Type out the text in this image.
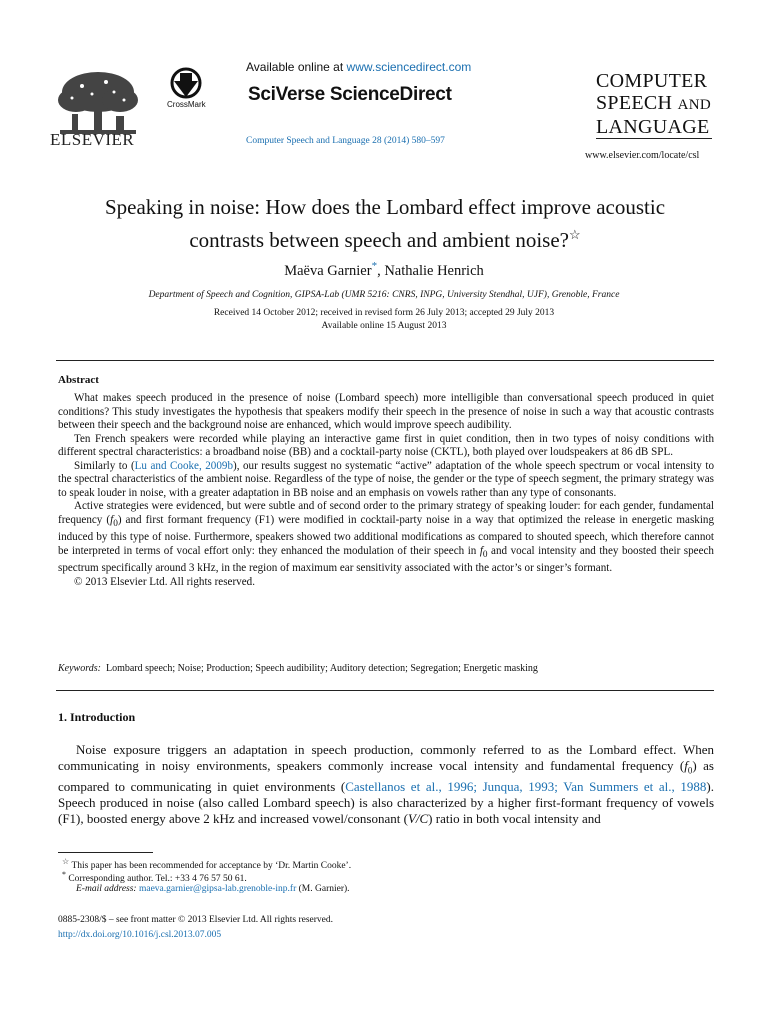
ELSEVIER
CrossMark
Available online at www.sciencedirect.com
SciVerse ScienceDirect
Computer Speech and Language 28 (2014) 580–597
COMPUTER
SPEECH AND
LANGUAGE
www.elsevier.com/locate/csl
Speaking in noise: How does the Lombard effect improve acoustic
contrasts between speech and ambient noise?☆
Maëva Garnier*, Nathalie Henrich
Department of Speech and Cognition, GIPSA-Lab (UMR 5216: CNRS, INPG, University Stendhal, UJF), Grenoble, France
Received 14 October 2012; received in revised form 26 July 2013; accepted 29 July 2013
Available online 15 August 2013
Abstract

What makes speech produced in the presence of noise (Lombard speech) more intelligible than conversational speech produced in quiet conditions? This study investigates the hypothesis that speakers modify their speech in the presence of noise in such a way that acoustic contrasts between their speech and the background noise are enhanced, which would improve speech audibility.

Ten French speakers were recorded while playing an interactive game first in quiet condition, then in two types of noisy conditions with different spectral characteristics: a broadband noise (BB) and a cocktail-party noise (CKTL), both played over loudspeakers at 86 dB SPL.

Similarly to (Lu and Cooke, 2009b), our results suggest no systematic “active” adaptation of the whole speech spectrum or vocal intensity to the spectral characteristics of the ambient noise. Regardless of the type of noise, the gender or the type of speech segment, the primary strategy was to speak louder in noise, with a greater adaptation in BB noise and an emphasis on vowels rather than any type of consonants.

Active strategies were evidenced, but were subtle and of second order to the primary strategy of speaking louder: for each gender, fundamental frequency $(f_0)$ and first formant frequency (F1) were modified in cocktail-party noise in a way that optimized the release in energetic masking induced by this type of noise. Furthermore, speakers showed two additional modifications as compared to shouted speech, which therefore cannot be interpreted in terms of vocal effort only: they enhanced the modulation of their speech in $f_0$ and vocal intensity and they boosted their speech spectrum specifically around 3 kHz, in the region of maximum ear sensitivity associated with the actor’s or singer’s formant.

© 2013 Elsevier Ltd. All rights reserved.

Keywords: Lombard speech; Noise; Production; Speech audibility; Auditory detection; Segregation; Energetic masking
1. Introduction

Noise exposure triggers an adaptation in speech production, commonly referred to as the Lombard effect. When communicating in noisy environments, speakers commonly increase vocal intensity and fundamental frequency $(f_0)$ as compared to communicating in quiet environments (Castellanos et al., 1996; Junqua, 1993; Van Summers et al., 1988). Speech produced in noise (also called Lombard speech) is also characterized by a higher first-formant frequency of vowels (F1), boosted energy above 2 kHz and increased vowel/consonant (V/C) ratio in both vocal intensity and

☆ This paper has been recommended for acceptance by ‘Dr. Martin Cooke’.
* Corresponding author. Tel.: +33 4 76 57 50 61.
E-mail address: maeva.garnier@gipsa-lab.grenoble-inp.fr (M. Garnier).
0885-2308/$ – see front matter © 2013 Elsevier Ltd. All rights reserved.
http://dx.doi.org/10.1016/j.csl.2013.07.005
